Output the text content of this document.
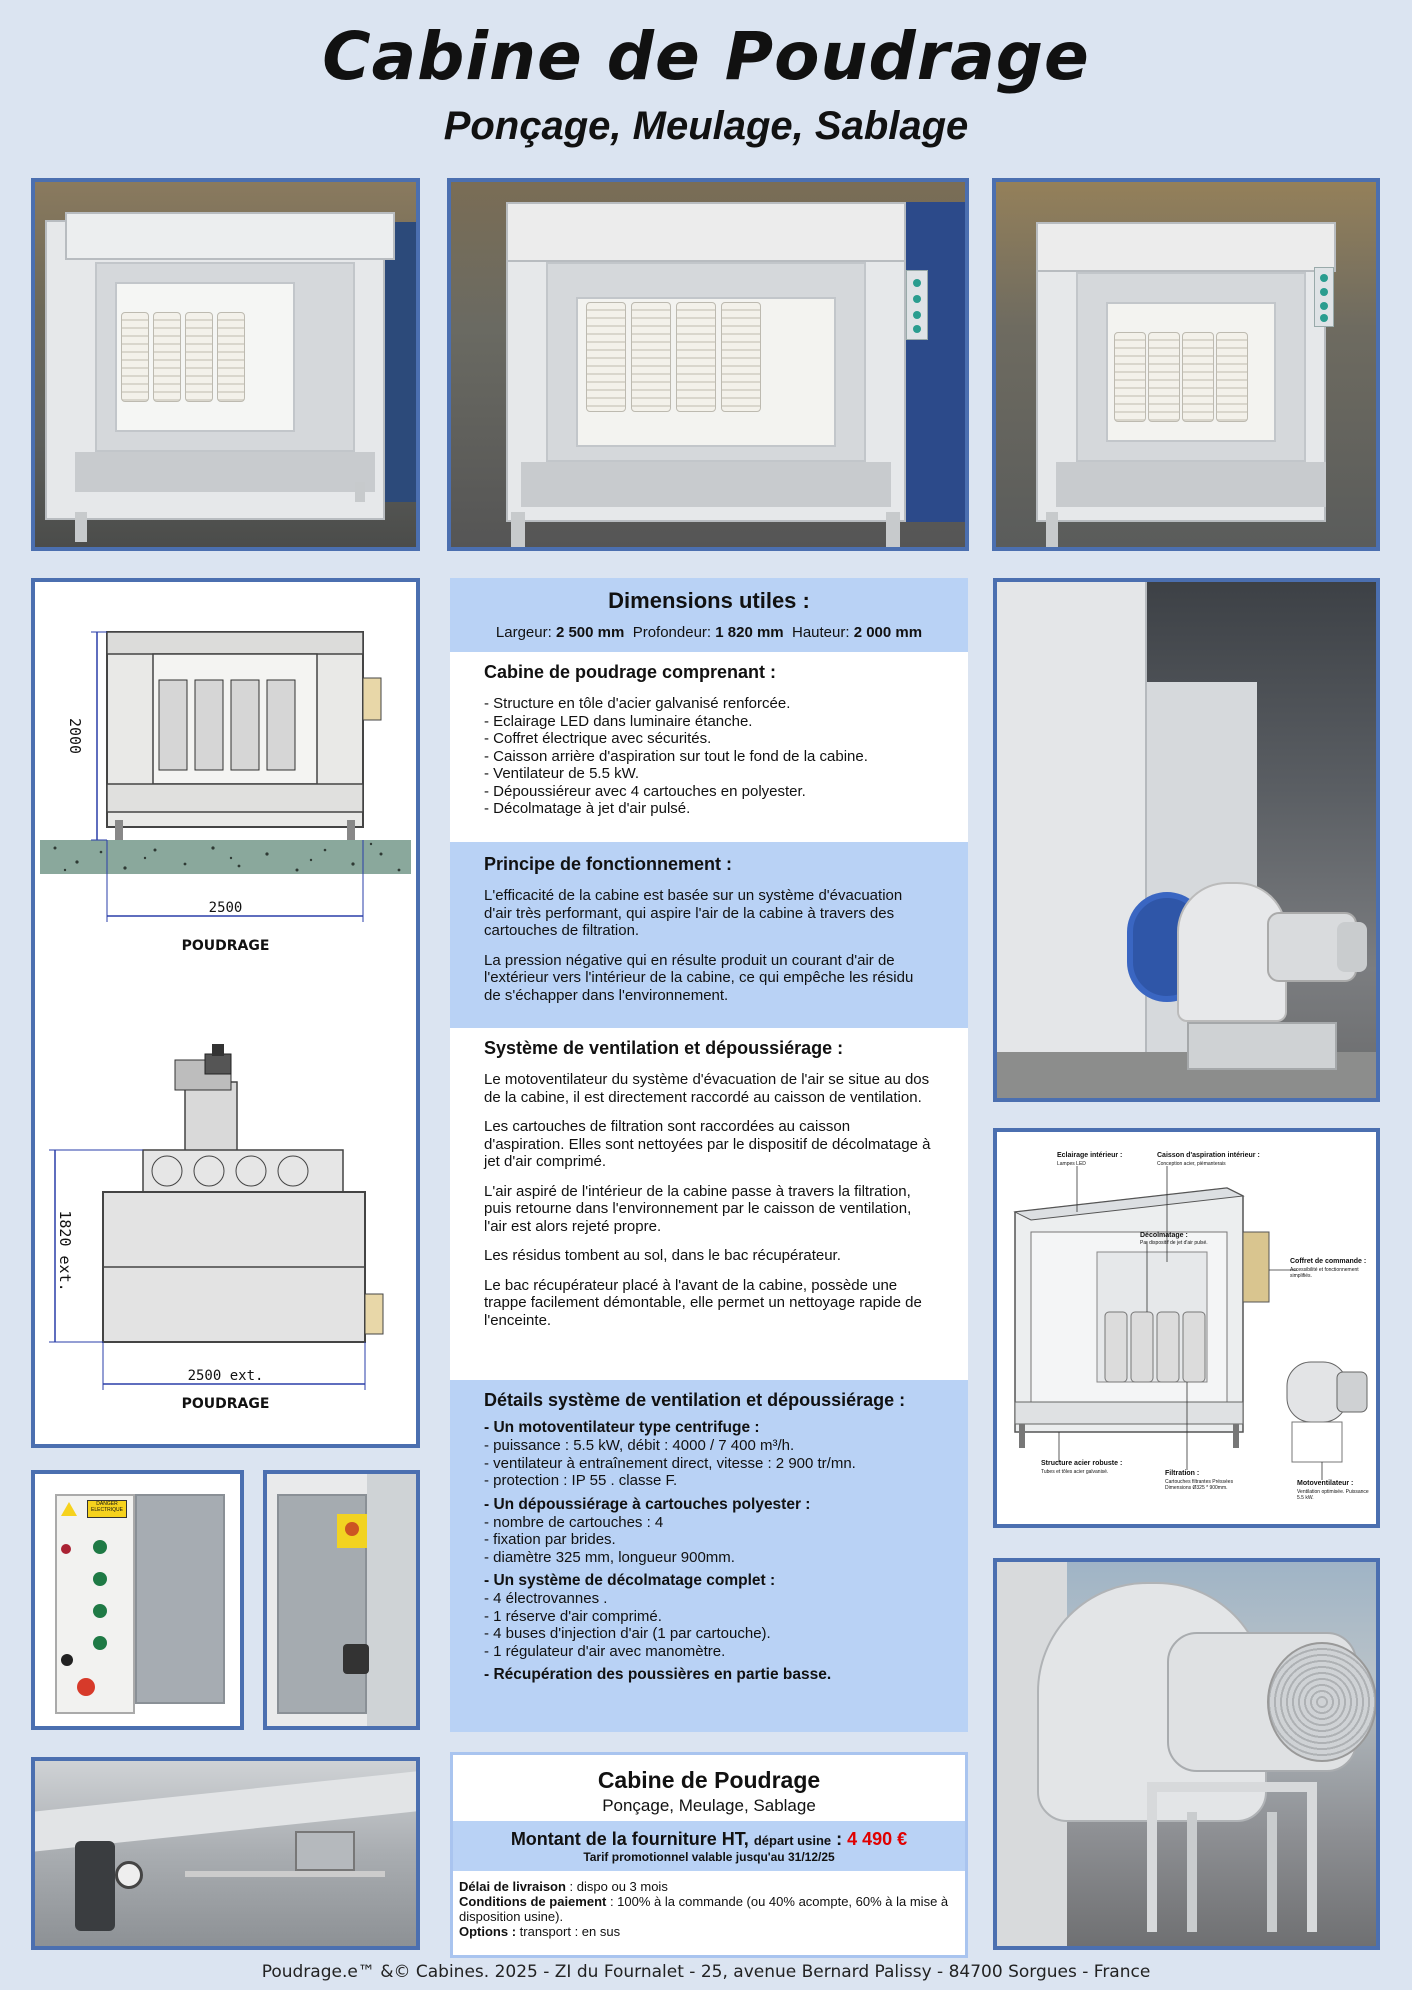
Cabine de Poudrage
Ponçage, Meulage, Sablage
2000
2500
POUDRAGE
1820 ext.
2500 ext.
POUDRAGE
Dimensions utiles :
Largeur: 2 500 mm Profondeur: 1 820 mm Hauteur: 2 000 mm
Cabine de poudrage comprenant :
- Structure en tôle d'acier galvanisé renforcée.
- Eclairage LED dans luminaire étanche.
- Coffret électrique avec sécurités.
- Caisson arrière d'aspiration sur tout le fond de la cabine.
- Ventilateur de 5.5 kW.
- Dépoussiéreur avec 4 cartouches en polyester.
- Décolmatage à jet d'air pulsé.
Principe de fonctionnement :

L'efficacité de la cabine est basée sur un système d'évacuation d'air très performant, qui aspire l'air de la cabine à travers des cartouches de filtration.

La pression négative qui en résulte produit un courant d'air de l'extérieur vers l'intérieur de la cabine, ce qui empêche les résidu de s'échapper dans l'environnement.

Système de ventilation et dépoussiérage :

Le motoventilateur du système d'évacuation de l'air se situe au dos de la cabine, il est directement raccordé au caisson de ventilation.

Les cartouches de filtration sont raccordées au caisson d'aspiration. Elles sont nettoyées par le dispositif de décolmatage à jet d'air comprimé.

L'air aspiré de l'intérieur de la cabine passe à travers la filtration, puis retourne dans l'environnement par le caisson de ventilation, l'air est alors rejeté propre.

Les résidus tombent au sol, dans le bac récupérateur.

Le bac récupérateur placé à l'avant de la cabine, possède une trappe facilement démontable, elle permet un nettoyage rapide de l'enceinte.

Détails système de ventilation et dépoussiérage :
- Un motoventilateur type centrifuge :
- puissance : 5.5 kW, débit : 4000 / 7 400 m³/h.
- ventilateur à entraînement direct, vitesse : 2 900 tr/mn.
- protection : IP 55 . classe F.
- Un dépoussiérage à cartouches polyester :
- nombre de cartouches : 4
- fixation par brides.
- diamètre 325 mm, longueur 900mm.
- Un système de décolmatage complet :
- 4 électrovannes .
- 1 réserve d'air comprimé.
- 4 buses d'injection d'air (1 par cartouche).
- 1 régulateur d'air avec manomètre.
- Récupération des poussières en partie basse.
Eclairage intérieur :
Lampes LED
Caisson d'aspiration intérieur :
Conception acier, pièmanterais
Décolmatage :
Par dispositif de jet d'air pulsé.
Coffret de commande :
Accessibilité et fonctionnement simplifiés.
Structure acier robuste :
Tubes et tôles acier galvanisé.	Filtration :
Cartouches filtrantes Préssées Dimensions Ø325 * 900mm.
Motoventilateur :
Ventilation optimisée. Puissance 5.5 kW.
DANGER ELECTRIQUE
Cabine de Poudrage
Ponçage, Meulage, Sablage
Montant de la fourniture HT, départ usine : 4 490 €
Tarif promotionnel valable jusqu'au 31/12/25
Délai de livraison : dispo ou 3 mois
Conditions de paiement : 100% à la commande (ou 40% acompte, 60% à la mise à disposition usine).
Options : transport : en sus
Poudrage.e™ &© Cabines. 2025 - ZI du Fournalet - 25, avenue Bernard Palissy - 84700 Sorgues - France
